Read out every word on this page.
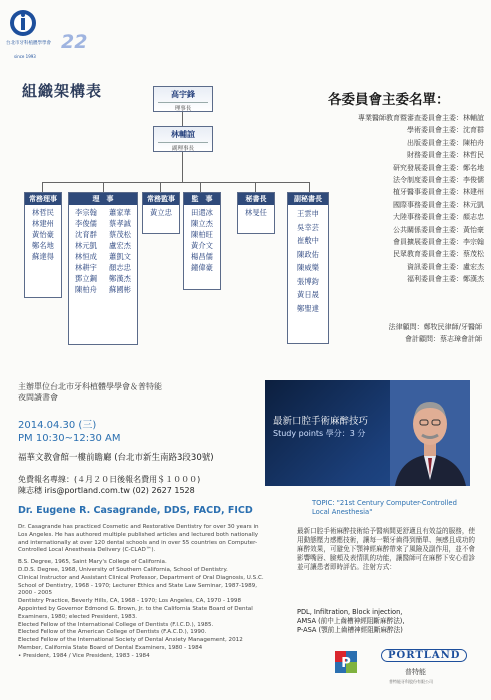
22
台北市牙科植體學學會
since 1993
組織架構表	高宇鋒
理事長
林輔誼
副理事長
常務理事
林哲民
林建州
黃怡豪
鄭名地
蘇達得
理　事
李宗翰
李俊儒
沈育群
林元凱
林恒成
林耕宇
鄧立鋼
陳柏舟
蕭家華
蔡孝誠
蔡茂松
盧宏杰
蕭凱文
顏志忠
鄭漢杰
蘇國彬
常務監事
黃立忠
監　事
田還冰
陳立杰
陳柏旺
黃介文
楊昌儒
鐘偉豪
秘書長
林旻任
副秘書長
王雲申
吳幸芸
崔敷中
陳政佑
陳威樂
張博鈞
黃日晟
鄭聖達
各委員會主委名單：
專業醫師教育暨審查委員會主委：林輔誼
學術委員會主委：沈育群
出版委員會主委：陳柏舟
財務委員會主委：林哲民
研究發展委員會主委：鄭名地
法令制度委員會主委：李俊儒
植牙醫事委員會主委：林建州
國際事務委員會主委：林元凱
大陸事務委員會主委：顏志忠
公共關係委員會主委：黃怡豪
會員擴展委員會主委：李宗翰
民眾教育委員會主委：蔡茂松
資訊委員會主委：盧宏杰
福利委員會主委：鄭漢杰
法律顧問：鄭牧民律師/牙醫師
會計顧問：蔡志璋會計師
主辦單位台北市牙科植體學學會＆普特能
夜間讀書會
2014.04.30 (三)
PM 10:30~12:30 AM
福華文教會館一樓前瞻廳 (台北市新生南路3段30號)
免費報名專線：(４月２０日後報名費用＄１０００)
陳志穗 iris@portland.com.tw (02) 2627 1528
最新口腔手術麻醉技巧
Study points 學分：3 分
Dr. Eugene R. Casagrande, DDS, FACD, FICD

Dr. Casagrande has practiced Cosmetic and Restorative Dentistry for over 30 years in Los Angeles. He has authored multiple published articles and lectured both nationally and internationally at over 120 dental schools and in over 55 countries on Computer-Controlled Local Anesthesia Delivery (C-CLAD™).

B.S. Degree, 1965, Saint Mary's College of California.
D.D.S. Degree, 1968, University of Southern California, School of Dentistry.
Clinical Instructor and Assistant Clinical Professor, Department of Oral Diagnosis, U.S.C. School of Dentistry, 1968 - 1970; Lecturer Ethics and State Law Seminar, 1987-1989, 2000 - 2005
Dentistry Practice, Beverly Hills, CA, 1968 - 1970; Los Angeles, CA, 1970 - 1998
Appointed by Governor Edmond G. Brown, Jr. to the California State Board of Dental Examiners, 1980; elected President, 1983.
Elected Fellow of the International College of Dentists (F.I.C.D.), 1985.
Elected Fellow of the American College of Dentists (F.A.C.D.), 1990.
Elected Fellow of the International Society of Dental Anxiety Management, 2012
Member, California State Board of Dental Examiners, 1980 - 1984
• President, 1984 / Vice President, 1983 - 1984
TOPIC: "21st Century Computer-Controlled Local Anesthesia"
最新口腔手術麻醉技術給予醫病間更舒適且有效益的服務，使用動態壓力感應技術，讓每一顆牙齒得到簡單、無感且成功的麻醉效果，可避免下顎神經麻醉帶來了風險及副作用，並不會影響嘴唇、臉頰及表情肌的功能，讓醫師可在麻醉下安心看診並可讓患者即時評估。注射方式：
PDL, Infiltration, Block injection,
AMSA (前中上齒槽神經阻斷麻醉法),
P-ASA (顎前上齒槽神經阻斷麻醉法)
P
PORTLAND
普特能
普特能牙科股份有限公司
